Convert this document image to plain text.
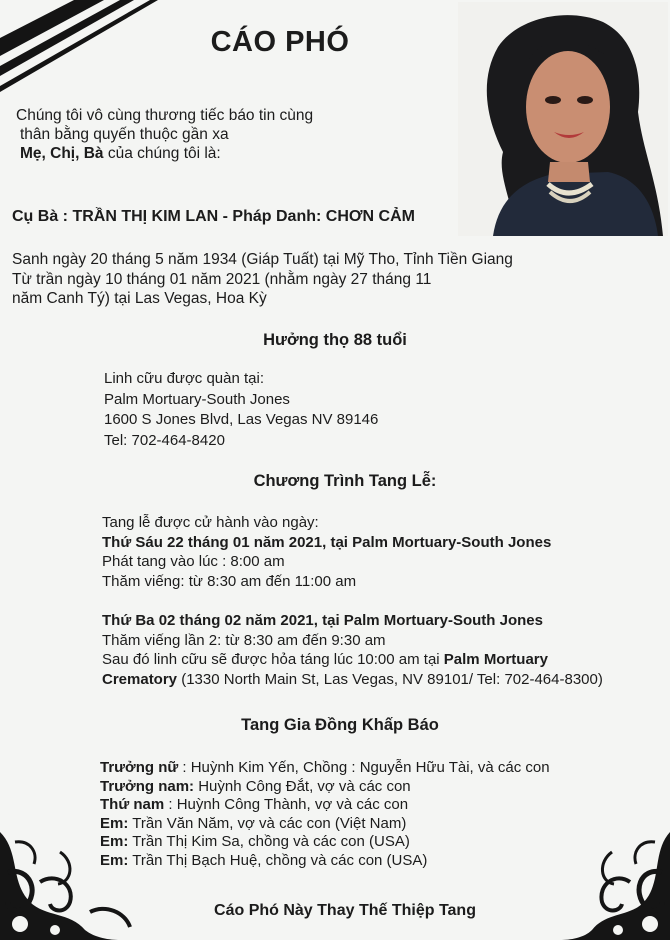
CÁO PHÓ
Chúng tôi vô cùng thương tiếc báo tin cùng
thân bằng quyến thuộc gần xa
Mẹ, Chị, Bà của chúng tôi là:
Cụ Bà : TRẦN THỊ KIM LAN - Pháp Danh: CHƠN CẢM
Sanh ngày 20 tháng 5 năm 1934 (Giáp Tuất) tại Mỹ Tho, Tỉnh Tiền Giang
Từ trần ngày 10 tháng 01 năm 2021 (nhằm ngày 27 tháng 11
năm Canh Tý) tại Las Vegas, Hoa Kỳ
Hưởng thọ 88 tuổi
Linh cữu được quàn tại:
Palm Mortuary-South Jones
1600 S Jones Blvd, Las Vegas NV 89146
Tel: 702-464-8420
Chương Trình Tang Lễ:
Tang lễ được cử hành vào ngày:
Thứ Sáu 22 tháng 01 năm 2021, tại Palm Mortuary-South Jones
Phát tang vào lúc : 8:00 am
Thăm viếng: từ 8:30 am đến 11:00 am
Thứ Ba 02 tháng 02 năm 2021, tại Palm Mortuary-South Jones
Thăm viếng lần 2: từ 8:30 am đến 9:30 am
Sau đó linh cữu sẽ được hỏa táng lúc 10:00 am tại Palm Mortuary
Crematory (1330 North Main St, Las Vegas, NV 89101/ Tel: 702-464-8300)
Tang Gia Đồng Khấp Báo
Trưởng nữ : Huỳnh Kim Yến, Chồng : Nguyễn Hữu Tài, và các con
Trưởng nam: Huỳnh Công Đắt, vợ và các con
Thứ nam : Huỳnh Công Thành, vợ và các con
Em: Trần Văn Năm, vợ và các con (Việt Nam)
Em: Trần Thị Kim Sa, chồng và các con (USA)
Em: Trần Thị Bạch Huệ, chồng và các con (USA)
Cáo Phó Này Thay Thế Thiệp Tang
